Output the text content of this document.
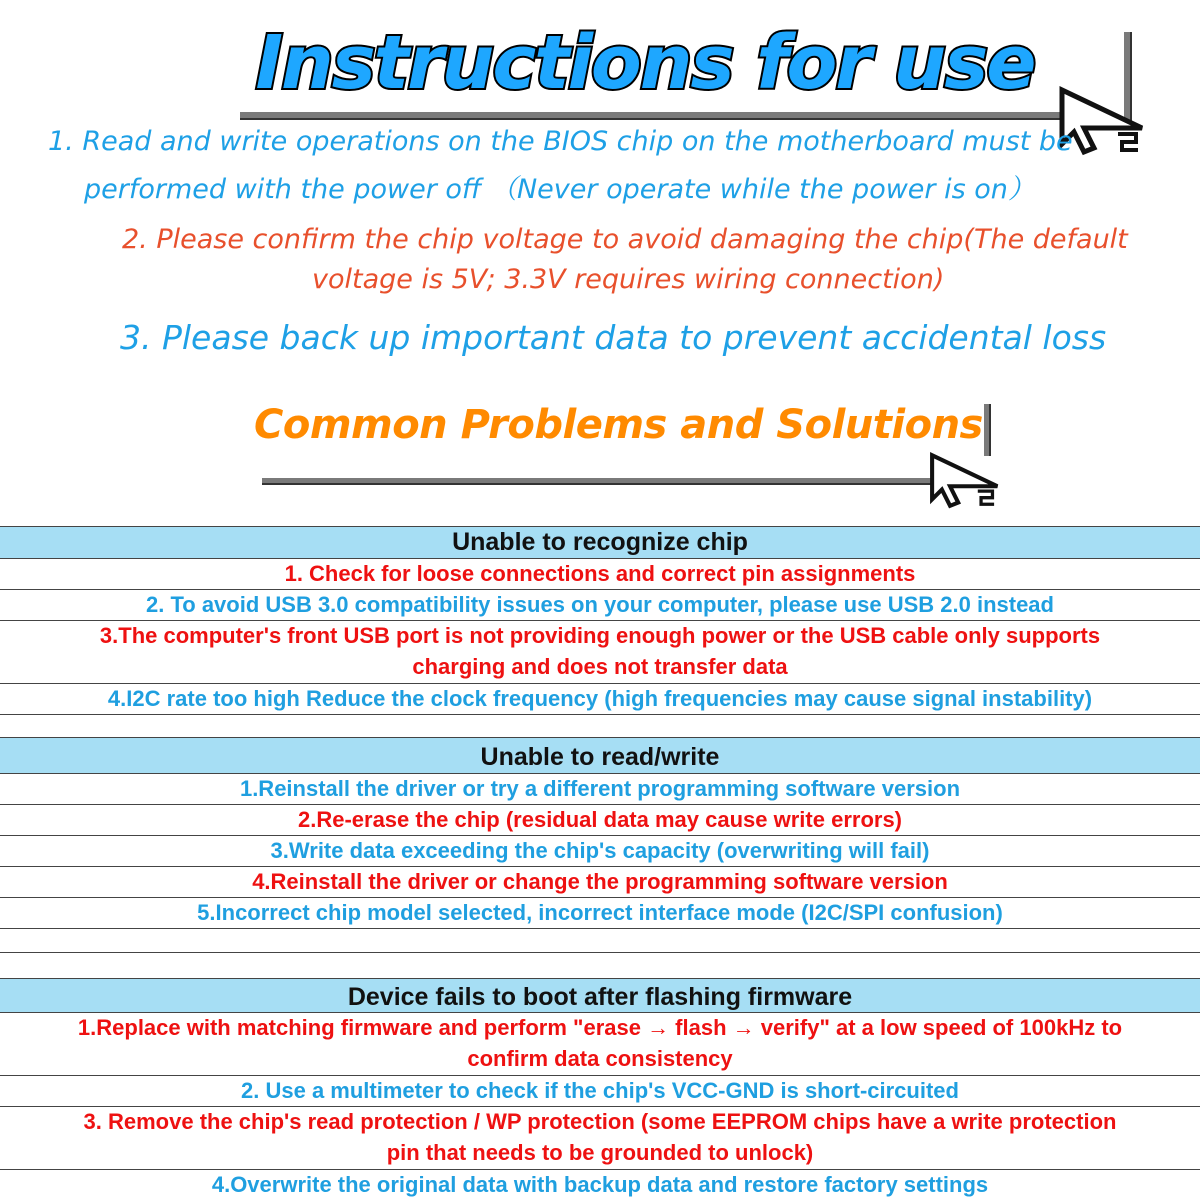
Instructions for use
1. Read and write operations on the BIOS chip on the motherboard must be
performed with the power off （Never operate while the power is on）
2. Please confirm the chip voltage to avoid damaging the chip(The default
voltage is 5V; 3.3V requires wiring connection)
3. Please back up important data to prevent accidental loss
Common Problems and Solutions
Unable to recognize chip
1. Check for loose connections and correct pin assignments
2. To avoid USB 3.0 compatibility issues on your computer, please use USB 2.0 instead
3.The computer's front USB port is not providing enough power or the USB cable only supports
charging and does not transfer data
4.I2C rate too high Reduce the clock frequency (high frequencies may cause signal instability)
Unable to read/write
1.Reinstall the driver or try a different programming software version
2.Re-erase the chip (residual data may cause write errors)
3.Write data exceeding the chip's capacity (overwriting will fail)
4.Reinstall the driver or change the programming software version
5.Incorrect chip model selected, incorrect interface mode (I2C/SPI confusion)
Device fails to boot after flashing firmware
1.Replace with matching firmware and perform "erase → flash → verify" at a low speed of 100kHz to
confirm data consistency
2. Use a multimeter to check if the chip's VCC-GND is short-circuited
3. Remove the chip's read protection / WP protection (some EEPROM chips have a write protection
pin that needs to be grounded to unlock)
4.Overwrite the original data with backup data and restore factory settings
